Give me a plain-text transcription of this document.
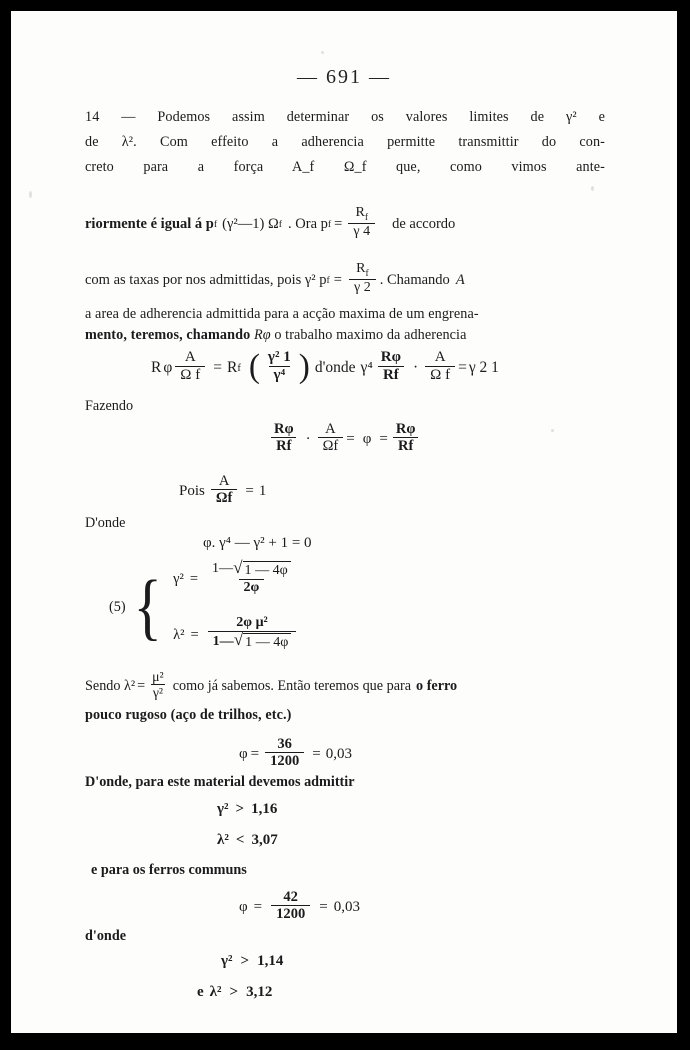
— 691 —
14 — Podemos assim determinar os valores limites de γ² e
de λ². Com effeito a adherencia permitte transmittir do con-
creto para a força A_f Ω_f que, como vimos ante-
riormente é igual á p f (γ²—1) Ω f . Ora p $f = \frac{R_f}{\gamma 4}$ de accordo
com as taxas por nos admittidas, pois γ² p $f = \frac{R_f}{\gamma 2}$ . Chamando A
a area de adherencia admittida para a acção maxima de um engrena-
mento, teremos, chamando Rφ o trabalho maximo da adherencia
R φ $\frac{A}{\text{Ω f}} = R$ f ( $\frac{\text{γ² 1}}{\text{γ⁴}}$ ) d'onde $\gamma^4 \frac{R\varphi}{Rf} \cdot \frac{A}{\text{Ω f}} = \gamma$ 2 1
Fazendo
$\frac{R\varphi}{Rf} \cdot \frac{A}{\Omega f} = \varphi = \frac{R\varphi}{Rf}$
Pois $\frac{A}{\Omega f} = 1$
D'onde
φ. γ⁴ — γ² + 1 = 0
(5) { γ² =
1— √ 1 — 4φ
2φ
λ² =
2φ μ²
1— √ 1 — 4φ
Sendo $\lambda^2 = \frac{\text{μ²}}{\text{γ²}}$ como já sabemos. Então teremos que para o ferro
pouco rugoso (aço de trilhos, etc.)
$\varphi = \frac{36}{1200} = 0,03$
D'onde, para este material devemos admittir
γ² > 1,16
λ² < 3,07
e para os ferros communs
$\varphi = \frac{42}{1200} = 0,03$
d'onde
γ² > 1,14
e λ² > 3,12
